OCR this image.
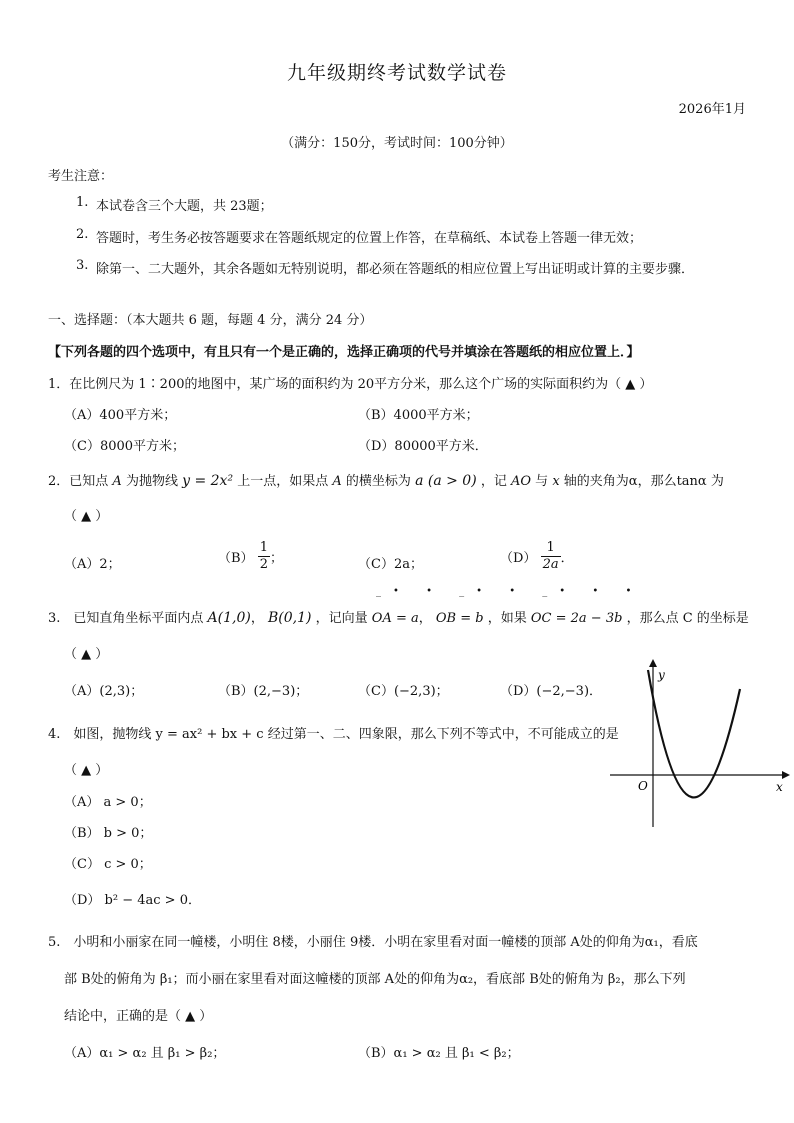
九年级期终考试数学试卷
2026年1月
（满分：150分，考试时间：100分钟）
考生注意：
1. 本试卷含三个大题，共 23题；
2. 答题时，考生务必按答题要求在答题纸规定的位置上作答，在草稿纸、本试卷上答题一律无效；
3. 除第一、二大题外，其余各题如无特别说明，都必须在答题纸的相应位置上写出证明或计算的主要步骤．
一、选择题：（本大题共 6 题，每题 4 分，满分 24 分）
【下列各题的四个选项中，有且只有一个是正确的，选择正确项的代号并填涂在答题纸的相应位置上．】
1．在比例尺为 1∶200的地图中，某广场的面积约为 20平方分米，那么这个广场的实际面积约为（ ▲ ）
（A）400平方米；	（B）4000平方米；
（C）8000平方米；	（D）80000平方米．
2．已知点 A 为抛物线 y = 2x² 上一点，如果点 A 的横坐标为 a (a > 0) ，记 AO 与 x 轴的夹角为α，那么tanα 为
（ ▲ ）
（A）2；	$(B) \frac{1}{2}$ ；	（C）2a；	$(D) \frac{1}{2a}$ ．
_• • _• • _• • •
3.　已知直角坐标平面内点 A(1,0)， B(0,1) ，记向量 OA = a， OB = b ，如果 OC = 2a − 3b ，那么点 C 的坐标是
（ ▲ ）
（A）(2,3)；	（B）(2,−3)；	（C）(−2,3)；	（D）(−2,−3)．
4.　如图，抛物线 y = ax² + bx + c 经过第一、二、四象限，那么下列不等式中，不可能成立的是
（ ▲ ）
（A） a > 0；
（B） b > 0；
（C） c > 0；
（D） b² − 4ac > 0．
y
x
O
5.　小明和小丽家在同一幢楼，小明住 8楼，小丽住 9楼．小明在家里看对面一幢楼的顶部 A处的仰角为α₁，看底
部 B处的俯角为 β₁；而小丽在家里看对面这幢楼的顶部 A处的仰角为α₂，看底部 B处的俯角为 β₂，那么下列
结论中，正确的是（ ▲ ）
（A）α₁ > α₂ 且 β₁ > β₂；	（B）α₁ > α₂ 且 β₁ < β₂；
